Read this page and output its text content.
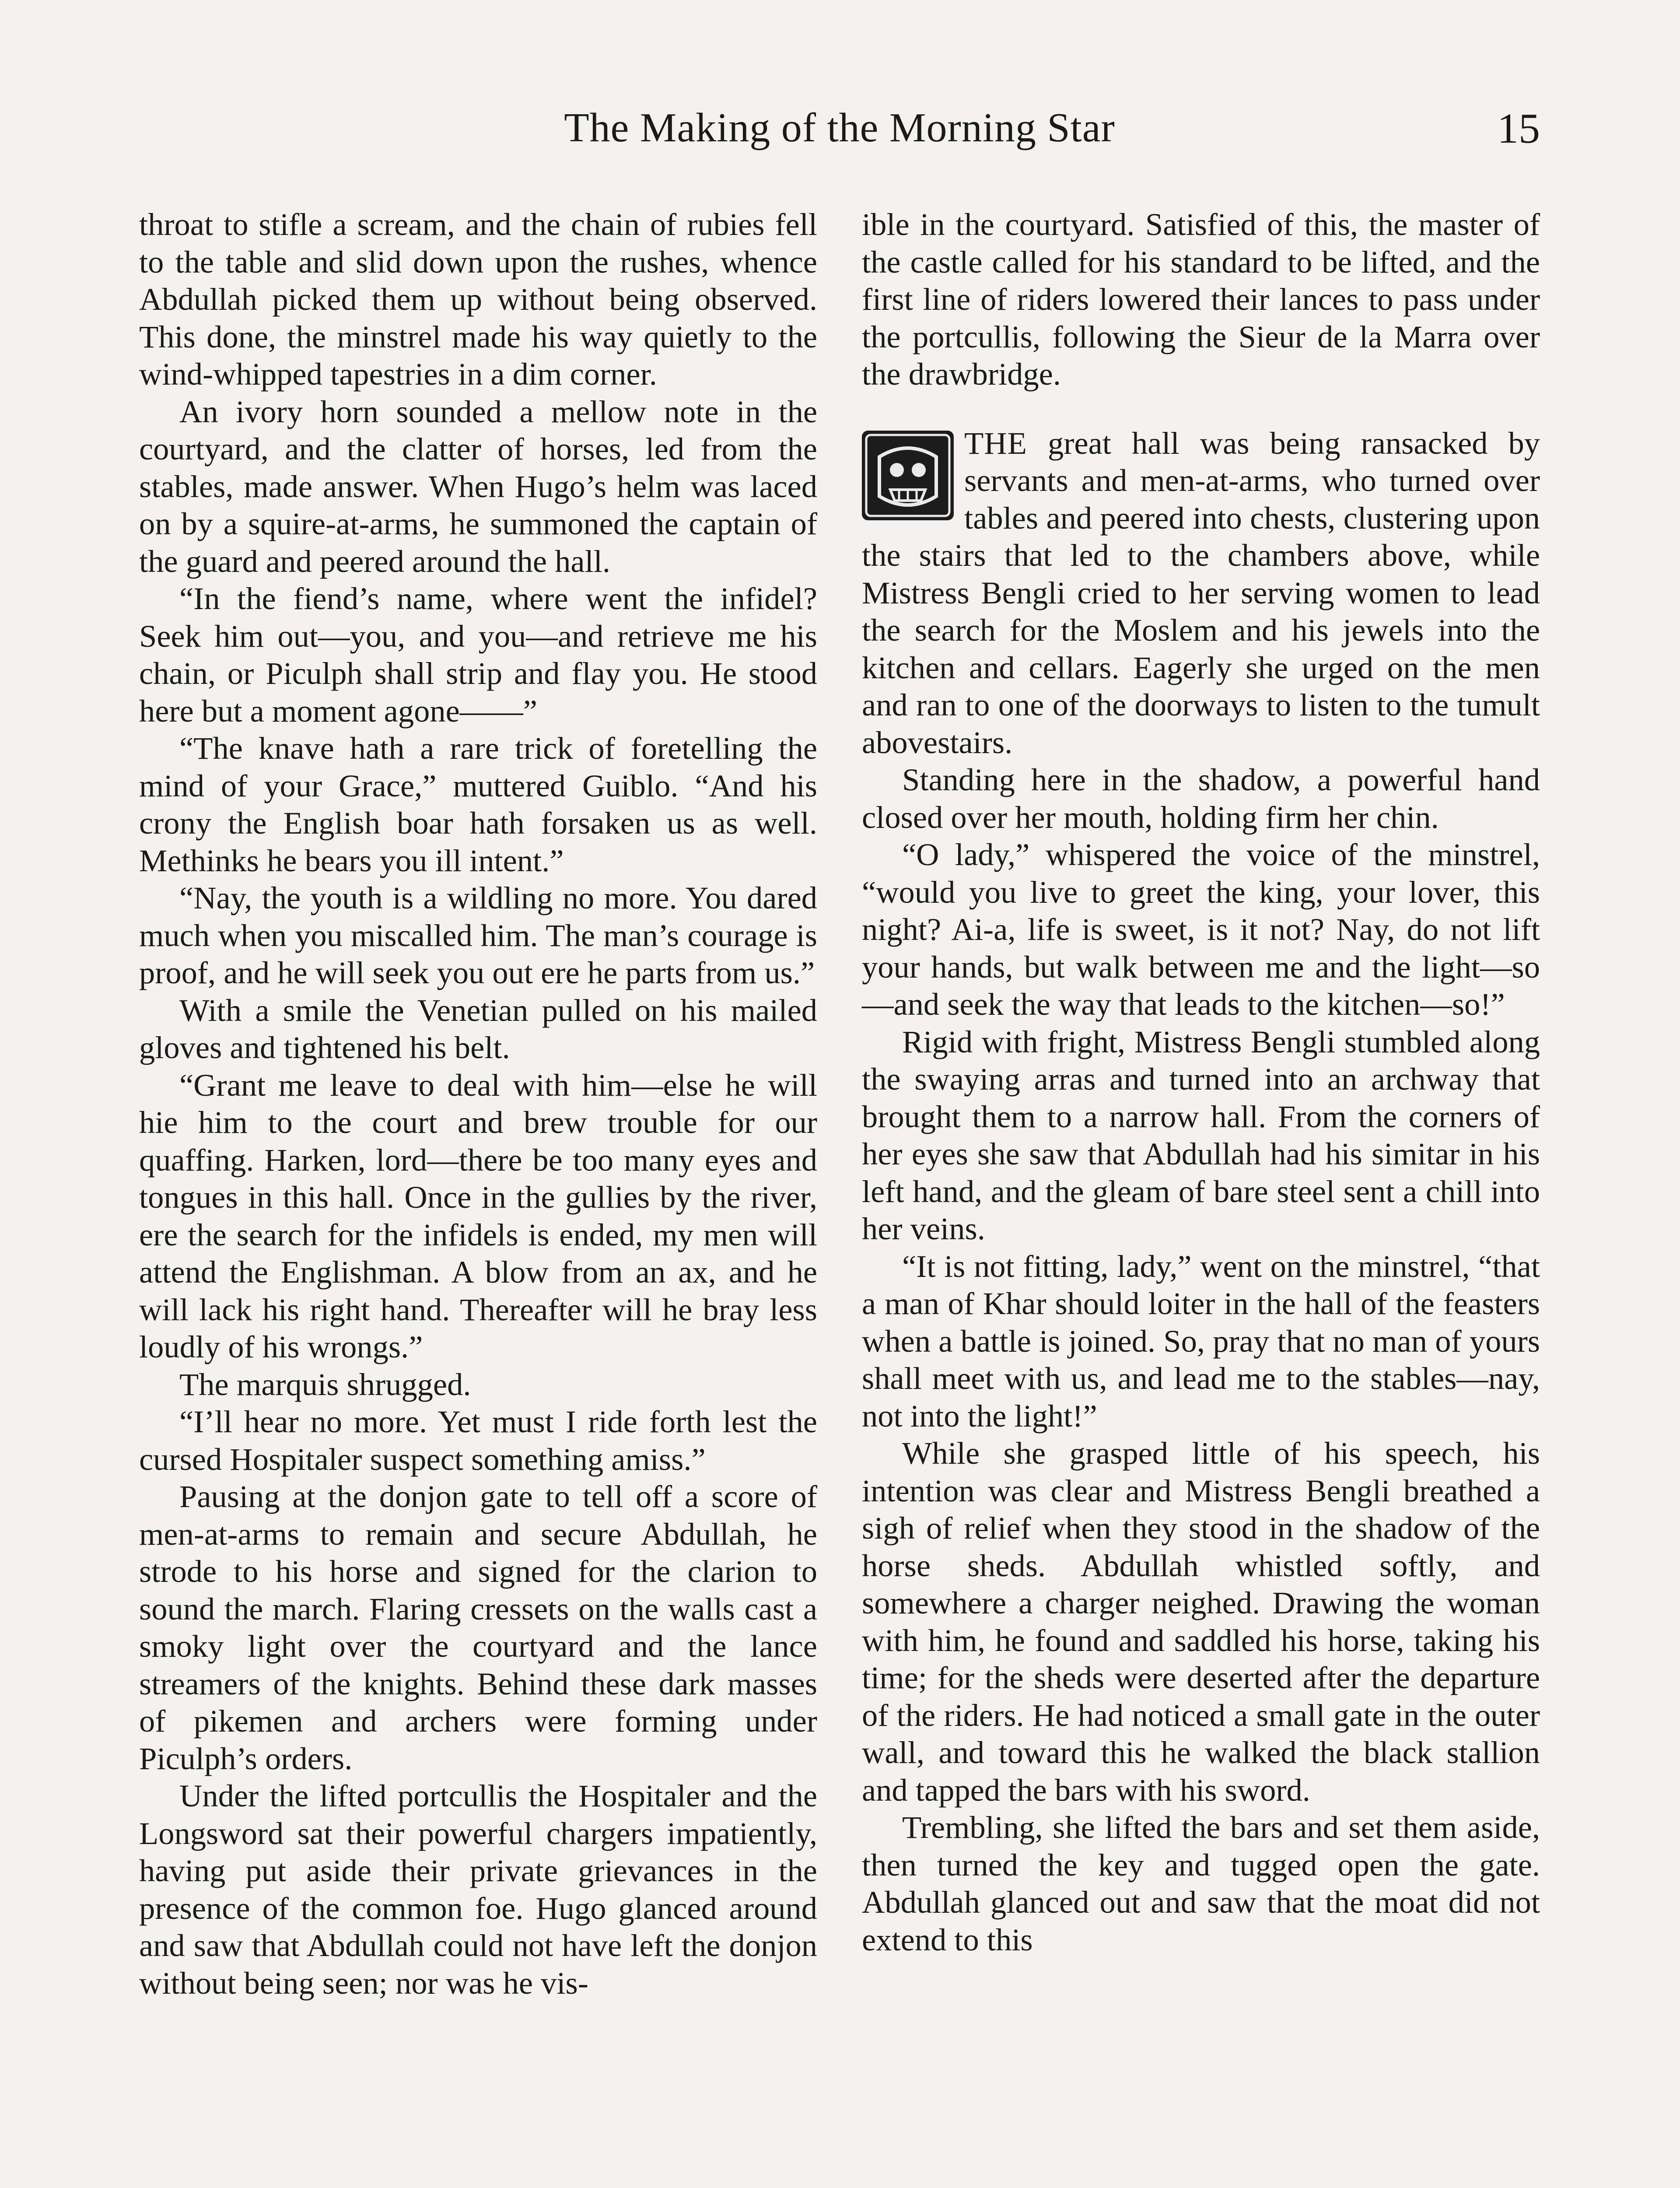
The Making of the Morning Star	15

throat to stifle a scream, and the chain of rubies fell to the table and slid down upon the rushes, whence Abdullah picked them up without being observed. This done, the minstrel made his way quietly to the wind-whipped tapestries in a dim corner.

An ivory horn sounded a mellow note in the courtyard, and the clatter of horses, led from the stables, made answer. When Hugo’s helm was laced on by a squire-at-arms, he summoned the captain of the guard and peered around the hall.

“In the fiend’s name, where went the infidel? Seek him out—you, and you—and retrieve me his chain, or Piculph shall strip and flay you. He stood here but a moment agone——”

“The knave hath a rare trick of foretelling the mind of your Grace,” muttered Guiblo. “And his crony the English boar hath forsaken us as well. Methinks he bears you ill intent.”

“Nay, the youth is a wildling no more. You dared much when you miscalled him. The man’s courage is proof, and he will seek you out ere he parts from us.”

With a smile the Venetian pulled on his mailed gloves and tightened his belt.

“Grant me leave to deal with him—else he will hie him to the court and brew trouble for our quaffing. Harken, lord—there be too many eyes and tongues in this hall. Once in the gullies by the river, ere the search for the infidels is ended, my men will attend the Englishman. A blow from an ax, and he will lack his right hand. Thereafter will he bray less loudly of his wrongs.”

The marquis shrugged.

“I’ll hear no more. Yet must I ride forth lest the cursed Hospitaler suspect something amiss.”

Pausing at the donjon gate to tell off a score of men-at-arms to remain and secure Abdullah, he strode to his horse and signed for the clarion to sound the march. Flaring cressets on the walls cast a smoky light over the courtyard and the lance streamers of the knights. Behind these dark masses of pikemen and archers were forming under Piculph’s orders.

Under the lifted portcullis the Hospitaler and the Longsword sat their powerful chargers impatiently, having put aside their private grievances in the presence of the common foe. Hugo glanced around and saw that Abdullah could not have left the donjon without being seen; nor was he vis-

ible in the courtyard. Satisfied of this, the master of the castle called for his standard to be lifted, and the first line of riders lowered their lances to pass under the portcullis, following the Sieur de la Marra over the drawbridge.

THE great hall was being ransacked by servants and men-at-arms, who turned over tables and peered into chests, clustering upon the stairs that led to the chambers above, while Mistress Bengli cried to her serving women to lead the search for the Moslem and his jewels into the kitchen and cellars. Eagerly she urged on the men and ran to one of the doorways to listen to the tumult abovestairs.

Standing here in the shadow, a powerful hand closed over her mouth, holding firm her chin.

“O lady,” whispered the voice of the minstrel, “would you live to greet the king, your lover, this night? Ai-a, life is sweet, is it not? Nay, do not lift your hands, but walk between me and the light—so—and seek the way that leads to the kitchen—so!”

Rigid with fright, Mistress Bengli stumbled along the swaying arras and turned into an archway that brought them to a narrow hall. From the corners of her eyes she saw that Abdullah had his simitar in his left hand, and the gleam of bare steel sent a chill into her veins.

“It is not fitting, lady,” went on the minstrel, “that a man of Khar should loiter in the hall of the feasters when a battle is joined. So, pray that no man of yours shall meet with us, and lead me to the stables—nay, not into the light!”

While she grasped little of his speech, his intention was clear and Mistress Bengli breathed a sigh of relief when they stood in the shadow of the horse sheds. Abdullah whistled softly, and somewhere a charger neighed. Drawing the woman with him, he found and saddled his horse, taking his time; for the sheds were deserted after the departure of the riders. He had noticed a small gate in the outer wall, and toward this he walked the black stallion and tapped the bars with his sword.

Trembling, she lifted the bars and set them aside, then turned the key and tugged open the gate. Abdullah glanced out and saw that the moat did not extend to this
